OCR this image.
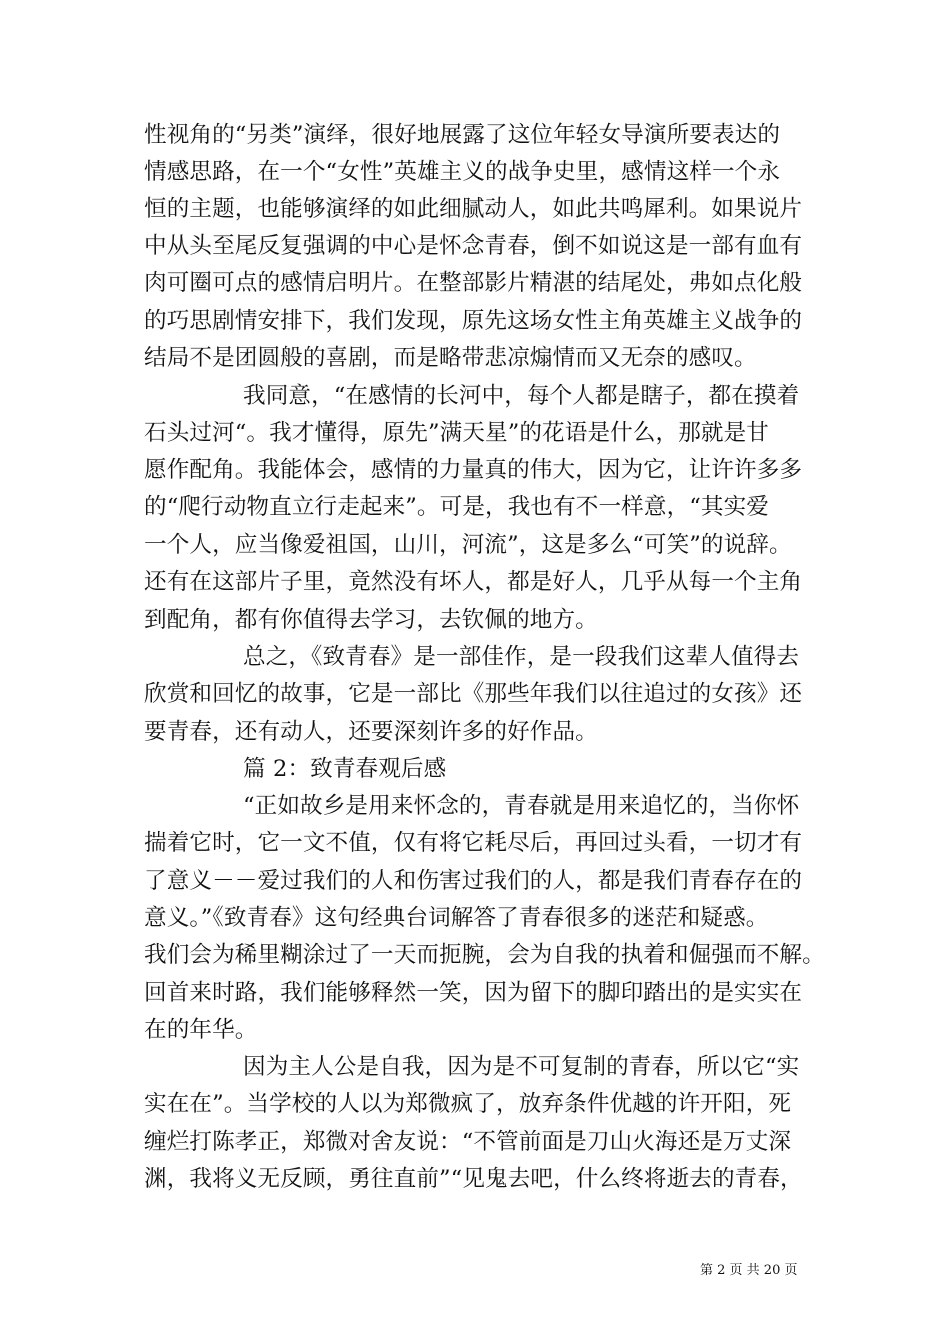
性视角的“另类”演绎，很好地展露了这位年轻女导演所要表达的
情感思路，在一个“女性”英雄主义的战争史里，感情这样一个永
恒的主题，也能够演绎的如此细腻动人，如此共鸣犀利。如果说片
中从头至尾反复强调的中心是怀念青春，倒不如说这是一部有血有
肉可圈可点的感情启明片。在整部影片精湛的结尾处，弗如点化般
的巧思剧情安排下，我们发现，原先这场女性主角英雄主义战争的
结局不是团圆般的喜剧，而是略带悲凉煽情而又无奈的感叹。
我同意，“在感情的长河中，每个人都是瞎子，都在摸着
石头过河“。我才懂得，原先”满天星”的花语是什么，那就是甘
愿作配角。我能体会，感情的力量真的伟大，因为它，让许许多多
的“爬行动物直立行走起来”。可是，我也有不一样意，“其实爱
一个人，应当像爱祖国，山川，河流”，这是多么“可笑”的说辞。
还有在这部片子里，竟然没有坏人，都是好人，几乎从每一个主角
到配角，都有你值得去学习，去钦佩的地方。
总之，《致青春》是一部佳作，是一段我们这辈人值得去
欣赏和回忆的故事，它是一部比《那些年我们以往追过的女孩》还
要青春，还有动人，还要深刻许多的好作品。
篇 2：致青春观后感
“正如故乡是用来怀念的，青春就是用来追忆的，当你怀
揣着它时，它一文不值，仅有将它耗尽后，再回过头看，一切才有
了意义－－爱过我们的人和伤害过我们的人，都是我们青春存在的
意义。”《致青春》这句经典台词解答了青春很多的迷茫和疑惑。
我们会为稀里糊涂过了一天而扼腕，会为自我的执着和倔强而不解。
回首来时路，我们能够释然一笑，因为留下的脚印踏出的是实实在
在的年华。
因为主人公是自我，因为是不可复制的青春，所以它“实
实在在”。当学校的人以为郑微疯了，放弃条件优越的许开阳，死
缠烂打陈孝正，郑微对舍友说：“不管前面是刀山火海还是万丈深
渊，我将义无反顾，勇往直前”“见鬼去吧，什么终将逝去的青春，
第 2 页 共 20 页
